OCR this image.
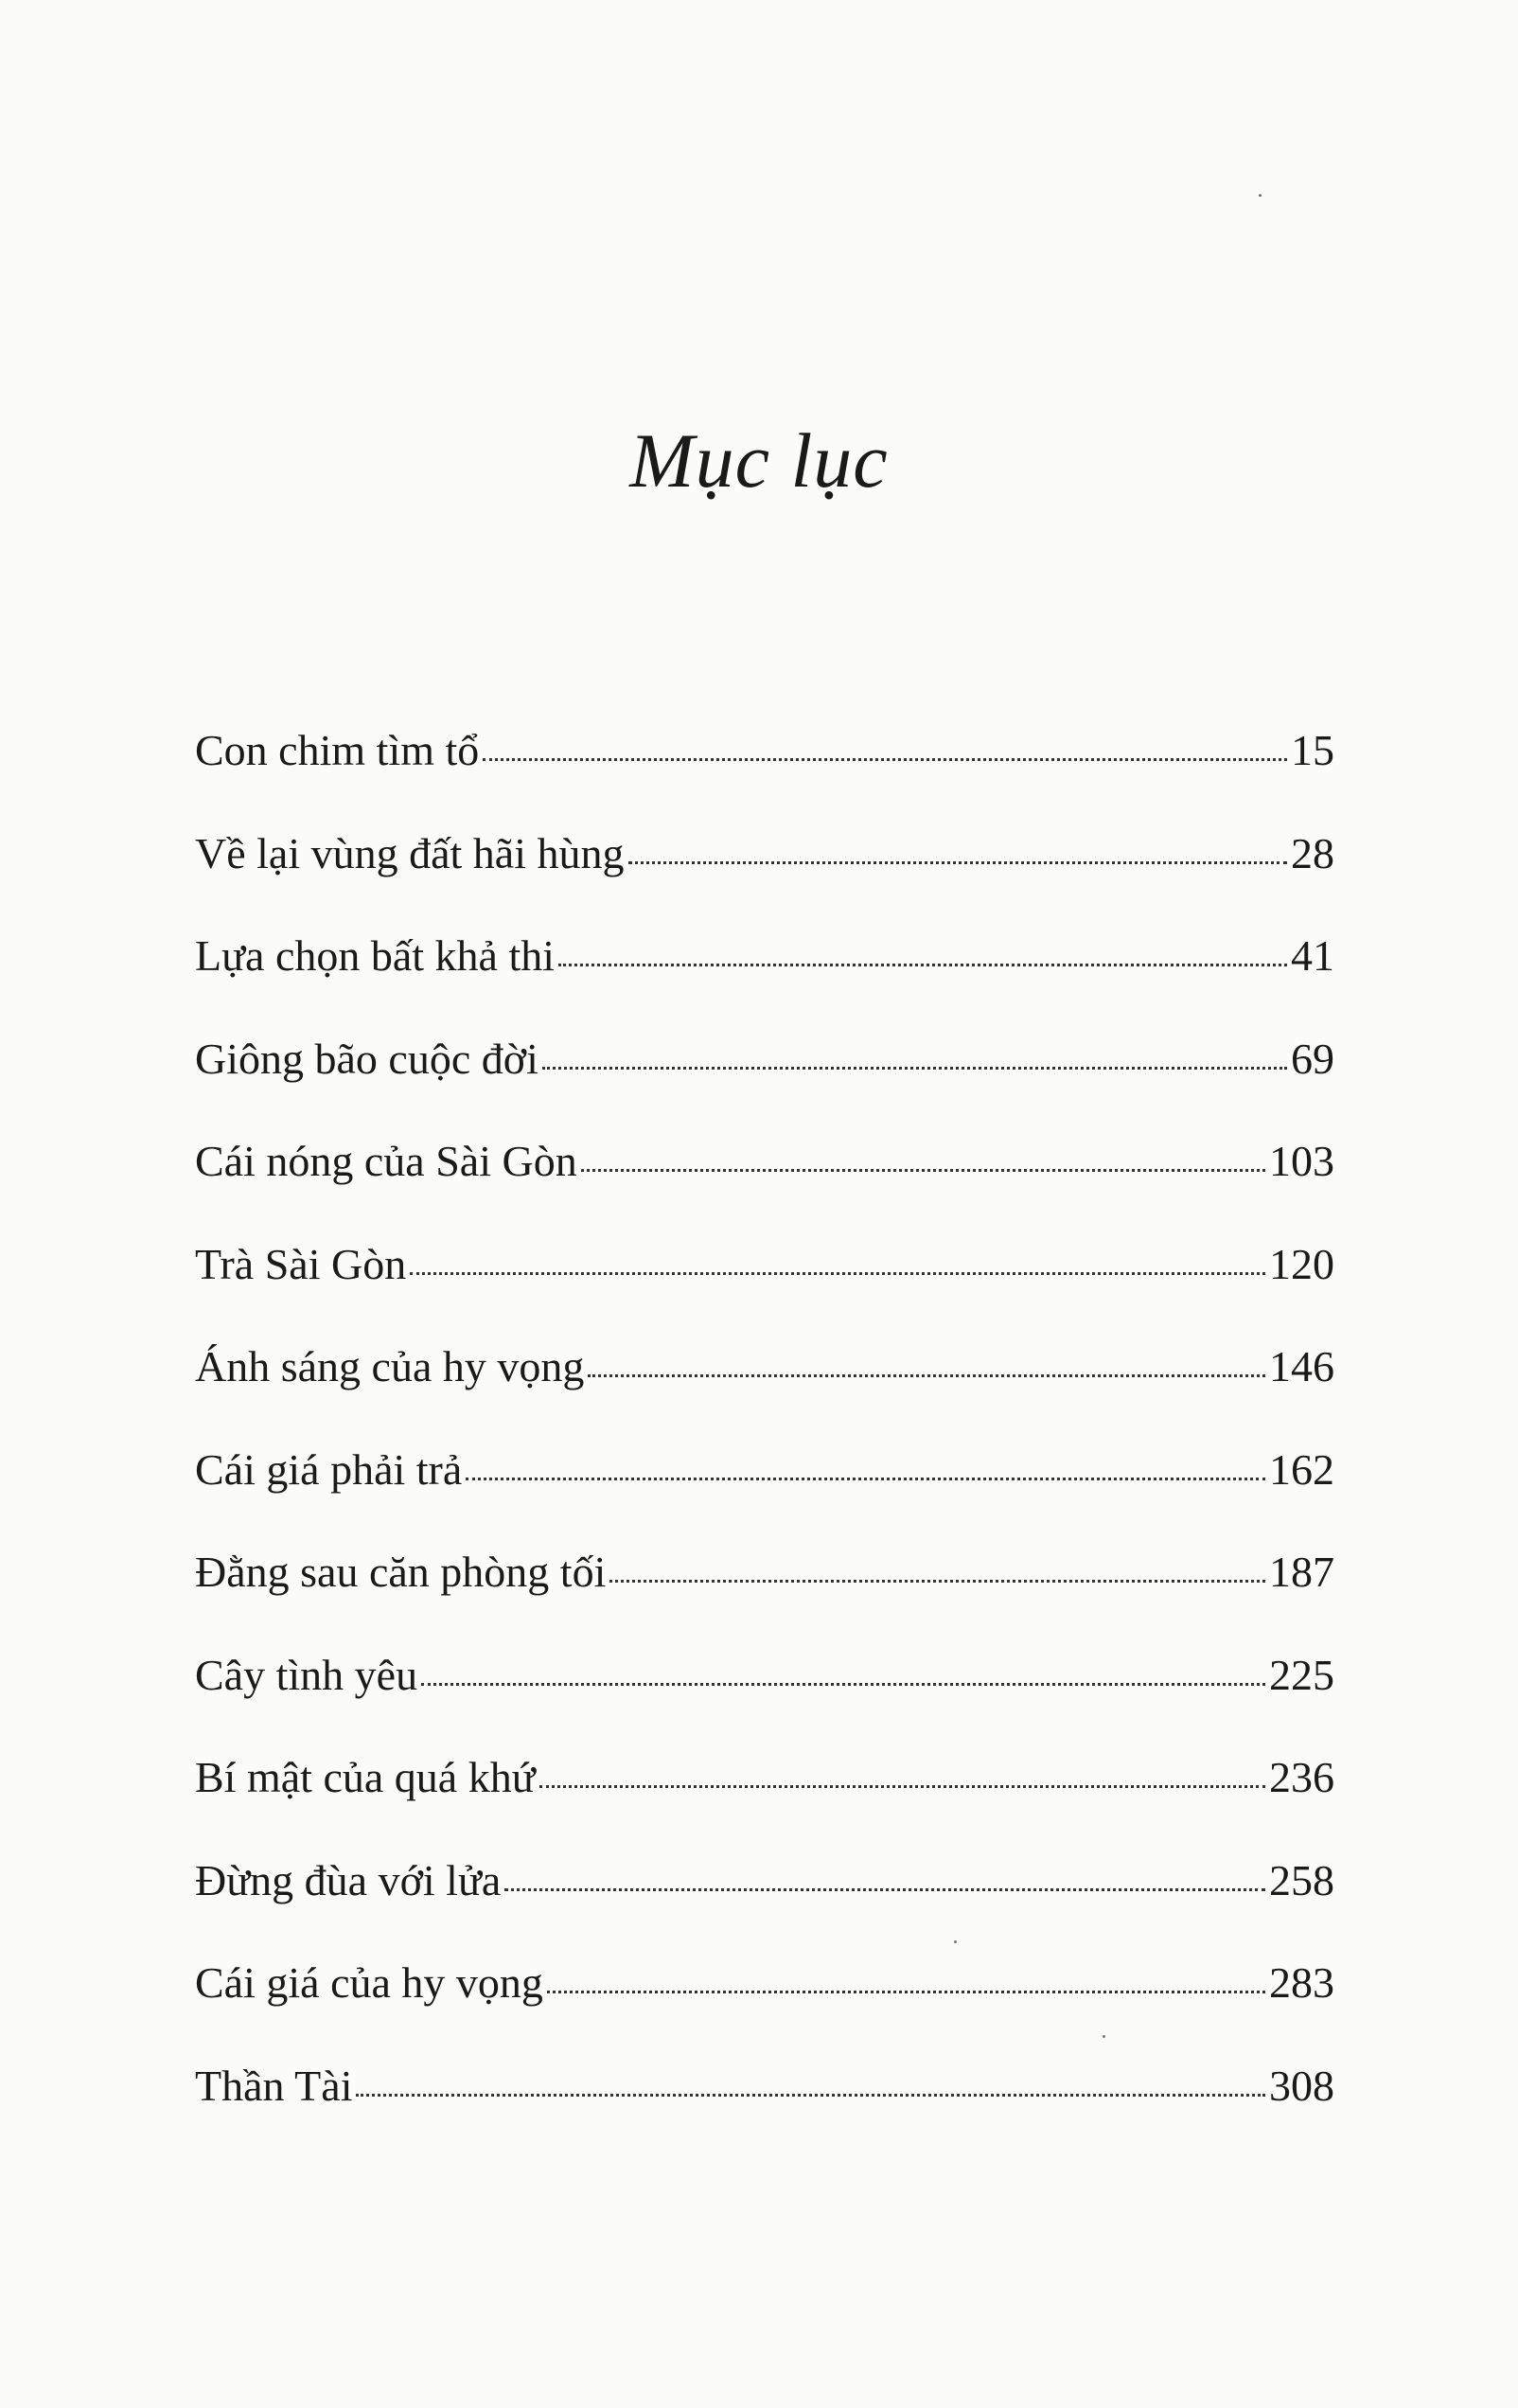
Mục lục
Con chim tìm tổ	15
Về lại vùng đất hãi hùng	28
Lựa chọn bất khả thi	41
Giông bão cuộc đời	69
Cái nóng của Sài Gòn	103
Trà Sài Gòn	120
Ánh sáng của hy vọng	146
Cái giá phải trả	162
Đằng sau căn phòng tối	187
Cây tình yêu	225
Bí mật của quá khứ	236
Đừng đùa với lửa	258
Cái giá của hy vọng	283
Thần Tài	308
